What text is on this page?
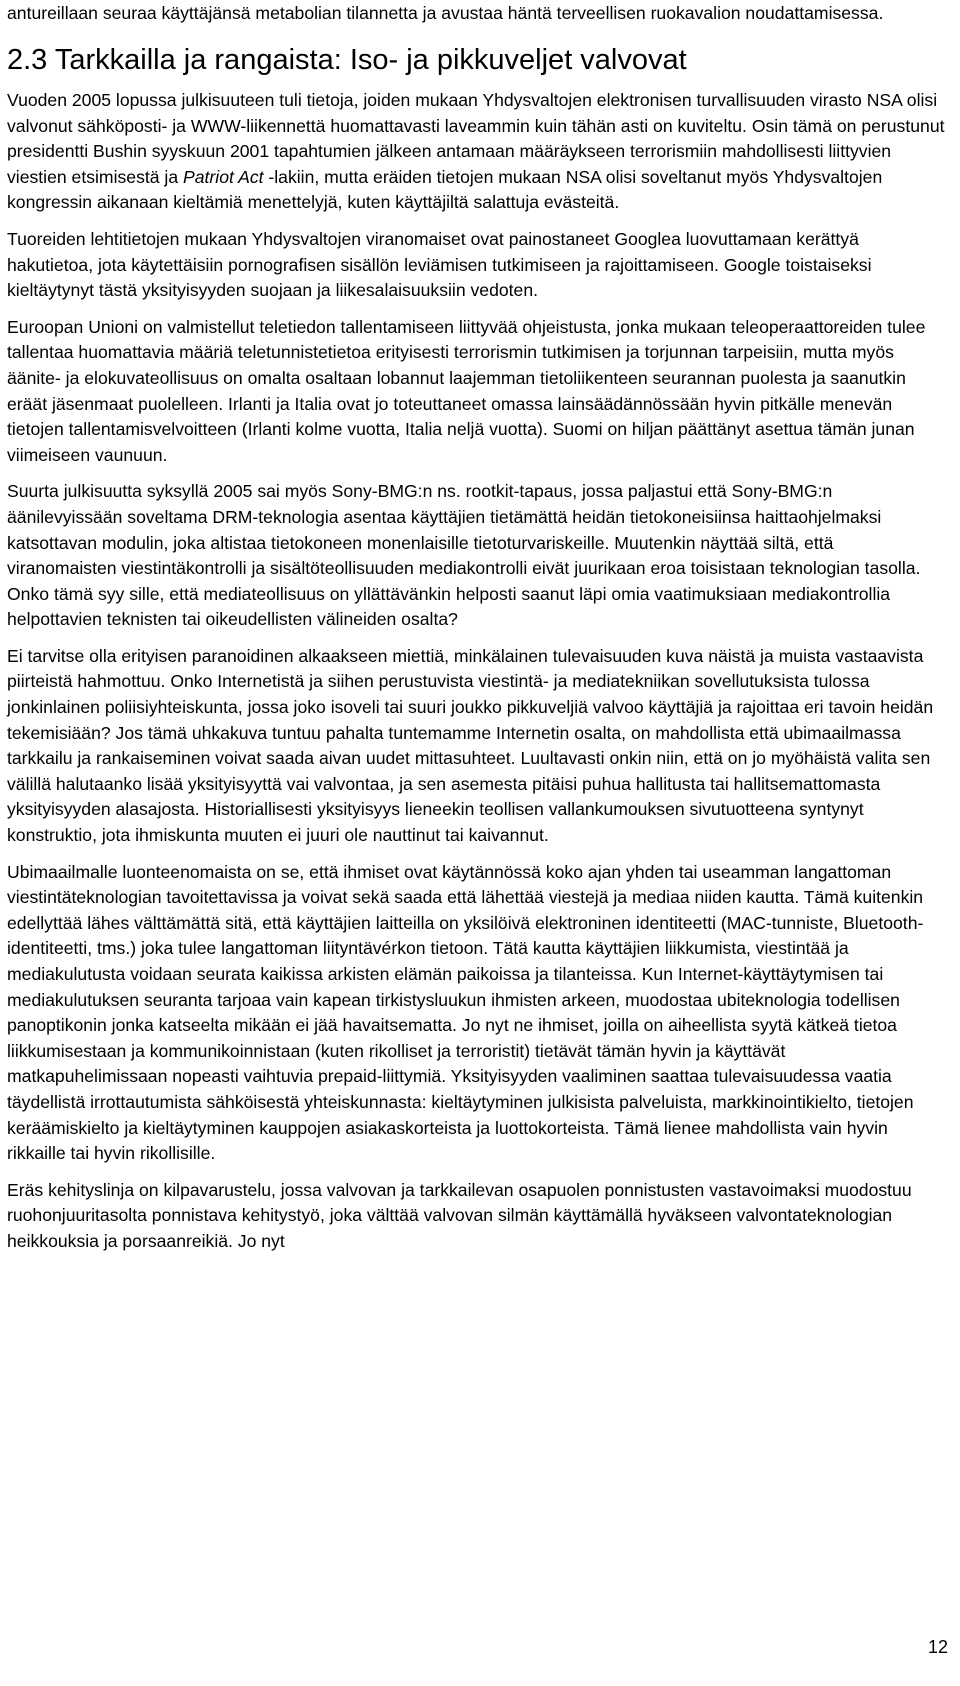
antureillaan seuraa käyttäjänsä metabolian tilannetta ja avustaa häntä terveellisen ruokavalion noudattamisessa.

2.3 Tarkkailla ja rangaista: Iso- ja pikkuveljet valvovat

Vuoden 2005 lopussa julkisuuteen tuli tietoja, joiden mukaan Yhdysvaltojen elektronisen turvallisuuden virasto NSA olisi valvonut sähköposti- ja WWW-liikennettä huomattavasti laveammin kuin tähän asti on kuviteltu. Osin tämä on perustunut presidentti Bushin syyskuun 2001 tapahtumien jälkeen antamaan määräykseen terrorismiin mahdollisesti liittyvien viestien etsimisestä ja Patriot Act -lakiin, mutta eräiden tietojen mukaan NSA olisi soveltanut myös Yhdysvaltojen kongressin aikanaan kieltämiä menettelyjä, kuten käyttäjiltä salattuja evästeitä.

Tuoreiden lehtitietojen mukaan Yhdysvaltojen viranomaiset ovat painostaneet Googlea luovuttamaan kerättyä hakutietoa, jota käytettäisiin pornografisen sisällön leviämisen tutkimiseen ja rajoittamiseen. Google toistaiseksi kieltäytynyt tästä yksityisyyden suojaan ja liikesalaisuuksiin vedoten.

Euroopan Unioni on valmistellut teletiedon tallentamiseen liittyvää ohjeistusta, jonka mukaan teleoperaattoreiden tulee tallentaa huomattavia määriä teletunnistetietoa erityisesti terrorismin tutkimisen ja torjunnan tarpeisiin, mutta myös äänite- ja elokuvateollisuus on omalta osaltaan lobannut laajemman tietoliikenteen seurannan puolesta ja saanutkin eräät jäsenmaat puolelleen. Irlanti ja Italia ovat jo toteuttaneet omassa lainsäädännössään hyvin pitkälle menevän tietojen tallentamisvelvoitteen (Irlanti kolme vuotta, Italia neljä vuotta). Suomi on hiljan päättänyt asettua tämän junan viimeiseen vaunuun.

Suurta julkisuutta syksyllä 2005 sai myös Sony-BMG:n ns. rootkit-tapaus, jossa paljastui että Sony-BMG:n äänilevyissään soveltama DRM-teknologia asentaa käyttäjien tietämättä heidän tietokoneisiinsa haittaohjelmaksi katsottavan modulin, joka altistaa tietokoneen monenlaisille tietoturvariskeille. Muutenkin näyttää siltä, että viranomaisten viestintäkontrolli ja sisältöteollisuuden mediakontrolli eivät juurikaan eroa toisistaan teknologian tasolla. Onko tämä syy sille, että mediateollisuus on yllättävänkin helposti saanut läpi omia vaatimuksiaan mediakontrollia helpottavien teknisten tai oikeudellisten välineiden osalta?

Ei tarvitse olla erityisen paranoidinen alkaakseen miettiä, minkälainen tulevaisuuden kuva näistä ja muista vastaavista piirteistä hahmottuu. Onko Internetistä ja siihen perustuvista viestintä- ja mediatekniikan sovellutuksista tulossa jonkinlainen poliisiyhteiskunta, jossa joko isoveli tai suuri joukko pikkuveljiä valvoo käyttäjiä ja rajoittaa eri tavoin heidän tekemisiään? Jos tämä uhkakuva tuntuu pahalta tuntemamme Internetin osalta, on mahdollista että ubimaailmassa tarkkailu ja rankaiseminen voivat saada aivan uudet mittasuhteet. Luultavasti onkin niin, että on jo myöhäistä valita sen välillä halutaanko lisää yksityisyyttä vai valvontaa, ja sen asemesta pitäisi puhua hallitusta tai hallitsemattomasta yksityisyyden alasajosta. Historiallisesti yksityisyys lieneekin teollisen vallankumouksen sivutuotteena syntynyt konstruktio, jota ihmiskunta muuten ei juuri ole nauttinut tai kaivannut.

Ubimaailmalle luonteenomaista on se, että ihmiset ovat käytännössä koko ajan yhden tai useamman langattoman viestintäteknologian tavoitettavissa ja voivat sekä saada että lähettää viestejä ja mediaa niiden kautta. Tämä kuitenkin edellyttää lähes välttämättä sitä, että käyttäjien laitteilla on yksilöivä elektroninen identiteetti (MAC-tunniste, Bluetooth-identiteetti, tms.) joka tulee langattoman liityntävérkon tietoon. Tätä kautta käyttäjien liikkumista, viestintää ja mediakulutusta voidaan seurata kaikissa arkisten elämän paikoissa ja tilanteissa. Kun Internet-käyttäytymisen tai mediakulutuksen seuranta tarjoaa vain kapean tirkistysluukun ihmisten arkeen, muodostaa ubiteknologia todellisen panoptikonin jonka katseelta mikään ei jää havaitsematta. Jo nyt ne ihmiset, joilla on aiheellista syytä kätkeä tietoa liikkumisestaan ja kommunikoinnistaan (kuten rikolliset ja terroristit) tietävät tämän hyvin ja käyttävät matkapuhelimissaan nopeasti vaihtuvia prepaid-liittymiä. Yksityisyyden vaaliminen saattaa tulevaisuudessa vaatia täydellistä irrottautumista sähköisestä yhteiskunnasta: kieltäytyminen julkisista palveluista, markkinointikielto, tietojen keräämiskielto ja kieltäytyminen kauppojen asiakaskorteista ja luottokorteista. Tämä lienee mahdollista vain hyvin rikkaille tai hyvin rikollisille.

Eräs kehityslinja on kilpavarustelu, jossa valvovan ja tarkkailevan osapuolen ponnistusten vastavoimaksi muodostuu ruohonjuuritasolta ponnistava kehitystyö, joka välttää valvovan silmän käyttämällä hyväkseen valvontateknologian heikkouksia ja porsaanreikiä. Jo nyt

12
